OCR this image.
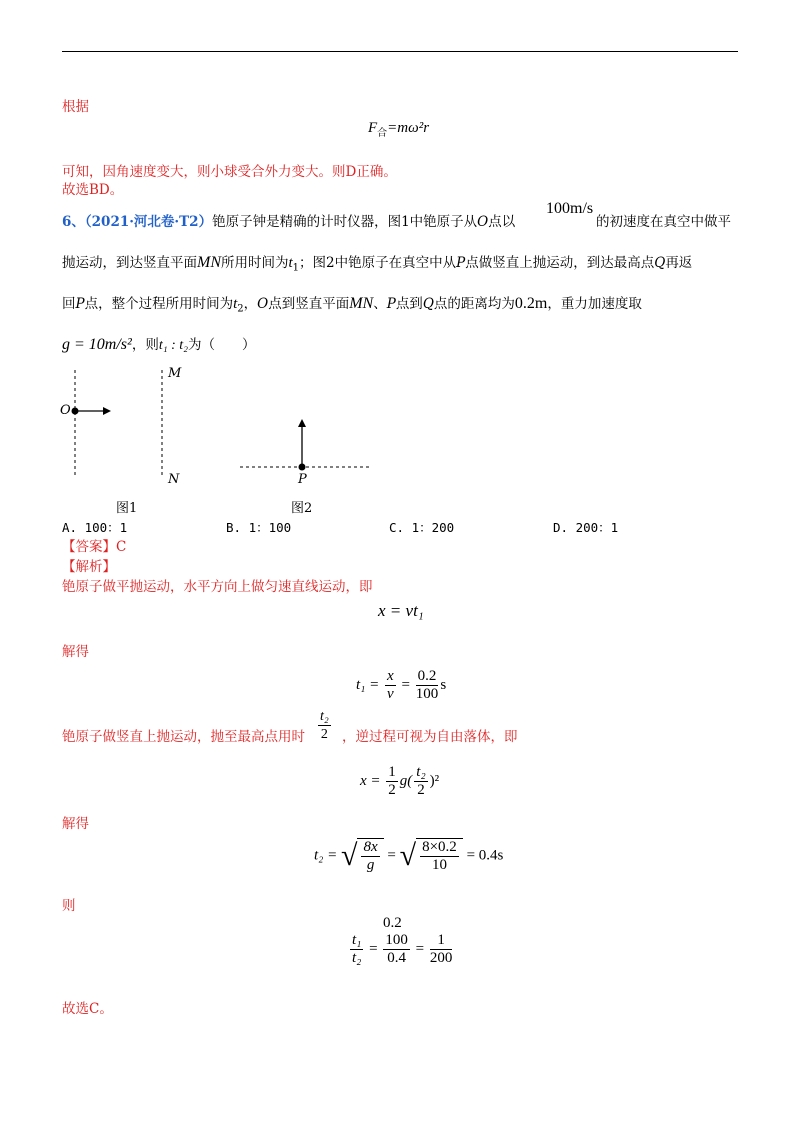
根据
$F_合=m\omega^2r$
可知，因角速度变大，则小球受合外力变大。则D正确。
故选BD。
6、（2021·河北卷·T2）铯原子钟是精确的计时仪器，图1中铯原子从O点以
100m/s
的初速度在真空中做平
抛运动，到达竖直平面MN所用时间为$t_1$；图2中铯原子在真空中从P点做竖直上抛运动，到达最高点Q再返
回P点，整个过程所用时间为$t_2$，O点到竖直平面MN、P点到Q点的距离均为0.2m，重力加速度取
g = 10m/s²，则t₁ : t₂为（　　）
O
M
N	P
图1	图2
A. 100：1	B. 1：100	C. 1：200	D. 200：1
【答案】C
【解析】
铯原子做平抛运动，水平方向上做匀速直线运动，即
x = vt₁
解得
$t_1 = \frac{x}{v} = \frac{0.2}{100}$ s
铯原子做竖直上抛运动，抛至最高点用时 $\frac{\text{t₂}}{2}$ ，逆过程可视为自由落体，即
$x = \frac{1}{2} g( \frac{\text{t₂}}{2} )^2$
解得
t₂ = √ $\frac{8x}{g}$ = √ $\frac{8\times 0.2}{10} = 0.4s$
则
0.2
$\frac{\text{t₁}}{\text{t₂}} = \frac{100}{0.4} = \frac{1}{200}$
故选C。
